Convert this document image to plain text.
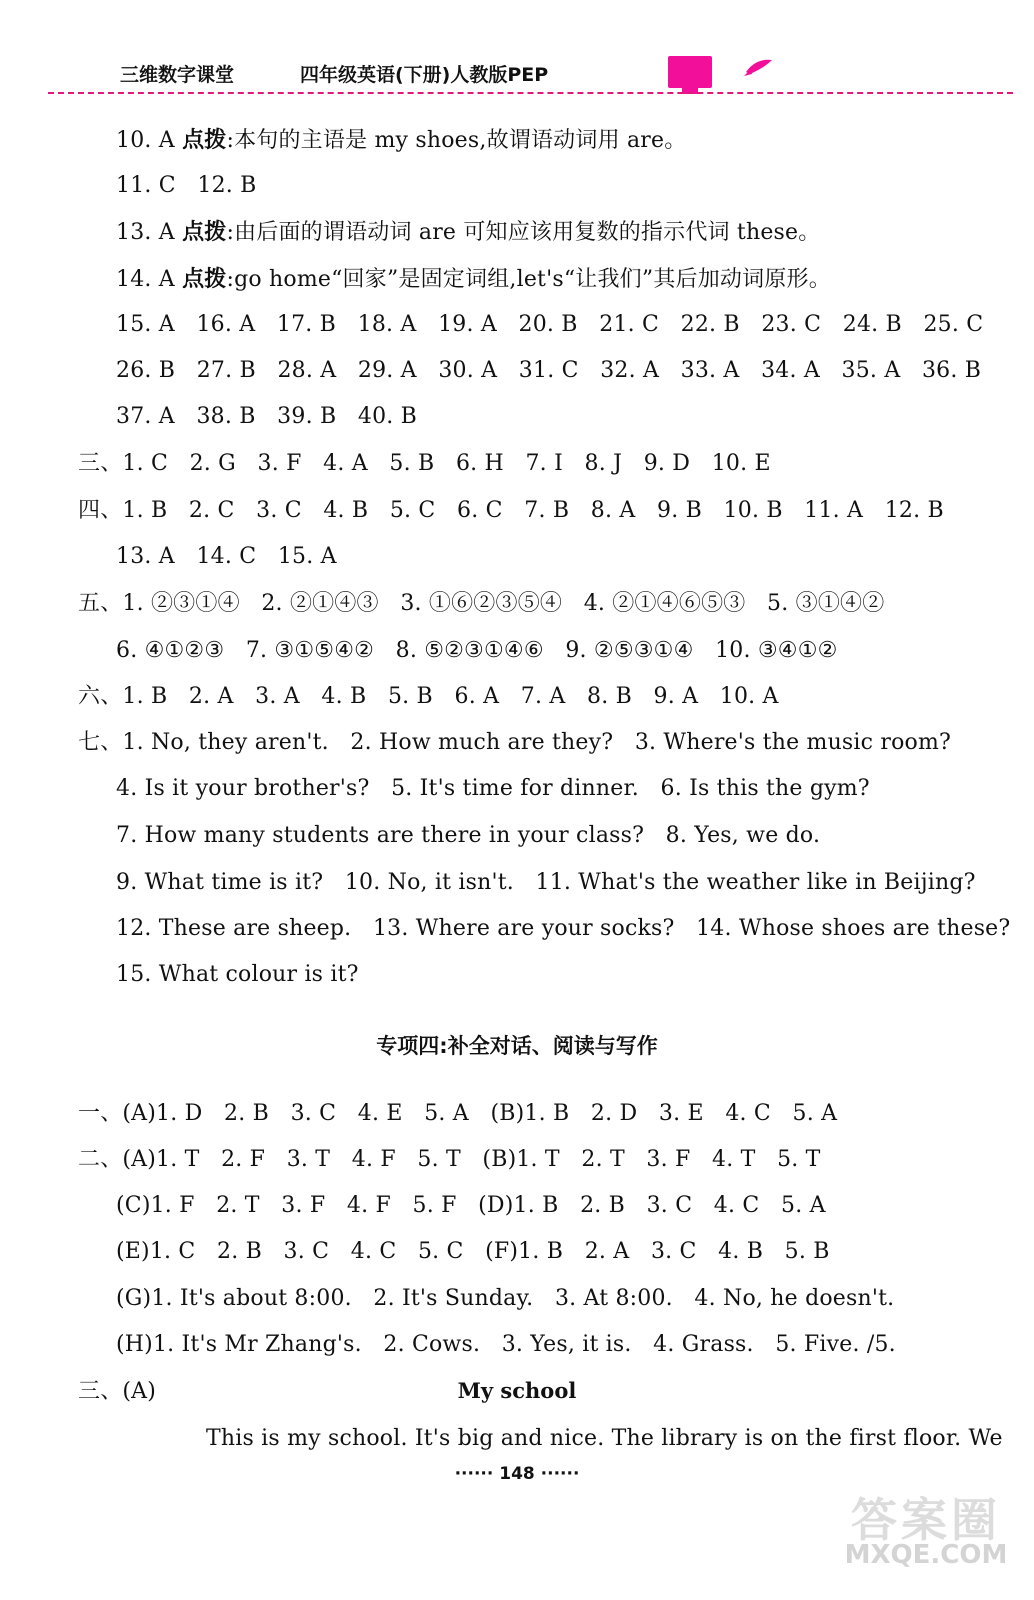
三维数字课堂	四年级英语(下册)人教版PEP
10. A 点拨:本句的主语是 my shoes,故谓语动词用 are。
11. C   12. B
13. A 点拨:由后面的谓语动词 are 可知应该用复数的指示代词 these。
14. A 点拨:go home“回家”是固定词组,let's“让我们”其后加动词原形。
15. A   16. A   17. B   18. A   19. A   20. B   21. C   22. B   23. C   24. B   25. C
26. B   27. B   28. A   29. A   30. A   31. C   32. A   33. A   34. A   35. A   36. B
37. A   38. B   39. B   40. B
三、1. C   2. G   3. F   4. A   5. B   6. H   7. I   8. J   9. D   10. E
四、1. B   2. C   3. C   4. B   5. C   6. C   7. B   8. A   9. B   10. B   11. A   12. B
13. A   14. C   15. A
五、1. ②③①④   2. ②①④③   3. ①⑥②③⑤④   4. ②①④⑥⑤③   5. ③①④②
6. ④①②③   7. ③①⑤④②   8. ⑤②③①④⑥   9. ②⑤③①④   10. ③④①②
六、1. B   2. A   3. A   4. B   5. B   6. A   7. A   8. B   9. A   10. A
七、1. No, they aren't.   2. How much are they?   3. Where's the music room?
4. Is it your brother's?   5. It's time for dinner.   6. Is this the gym?
7. How many students are there in your class?   8. Yes, we do.
9. What time is it?   10. No, it isn't.   11. What's the weather like in Beijing?
12. These are sheep.   13. Where are your socks?   14. Whose shoes are these?
15. What colour is it?
专项四:补全对话、阅读与写作
一、(A)1. D   2. B   3. C   4. E   5. A   (B)1. B   2. D   3. E   4. C   5. A
二、(A)1. T   2. F   3. T   4. F   5. T   (B)1. T   2. T   3. F   4. T   5. T
(C)1. F   2. T   3. F   4. F   5. F   (D)1. B   2. B   3. C   4. C   5. A
(E)1. C   2. B   3. C   4. C   5. C   (F)1. B   2. A   3. C   4. B   5. B
(G)1. It's about 8:00.   2. It's Sunday.   3. At 8:00.   4. No, he doesn't.
(H)1. It's Mr Zhang's.   2. Cows.   3. Yes, it is.   4. Grass.   5. Five. /5.
三、(A)	My school
This is my school. It's big and nice. The library is on the first floor. We
······ 148 ······
答案圈
MXQE.COM
